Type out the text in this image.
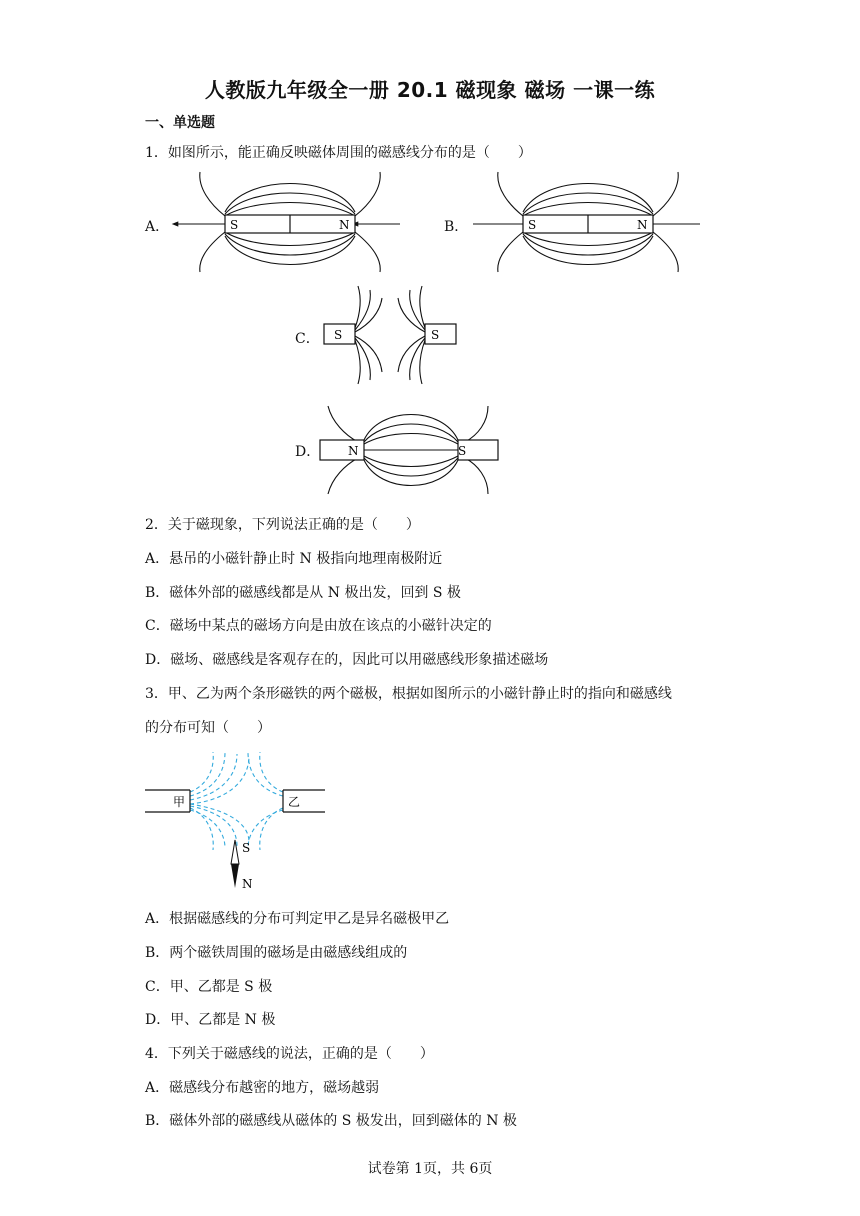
人教版九年级全一册 20.1 磁现象 磁场 一课一练
一、单选题
1．如图所示，能正确反映磁体周围的磁感线分布的是（　　）
A．	S	N	B．	S	N
C． S	S
D． N	S
2．关于磁现象，下列说法正确的是（　　）
A．悬吊的小磁针静止时 N 极指向地理南极附近
B．磁体外部的磁感线都是从 N 极出发，回到 S 极
C．磁场中某点的磁场方向是由放在该点的小磁针决定的
D．磁场、磁感线是客观存在的，因此可以用磁感线形象描述磁场
3．甲、乙为两个条形磁铁的两个磁极，根据如图所示的小磁针静止时的指向和磁感线
的分布可知（　　）
甲	乙
S
N
A．根据磁感线的分布可判定甲乙是异名磁极甲乙
B．两个磁铁周围的磁场是由磁感线组成的
C．甲、乙都是 S 极
D．甲、乙都是 N 极
4．下列关于磁感线的说法，正确的是（　　）
A．磁感线分布越密的地方，磁场越弱
B．磁体外部的磁感线从磁体的 S 极发出，回到磁体的 N 极
试卷第 1页，共 6页
